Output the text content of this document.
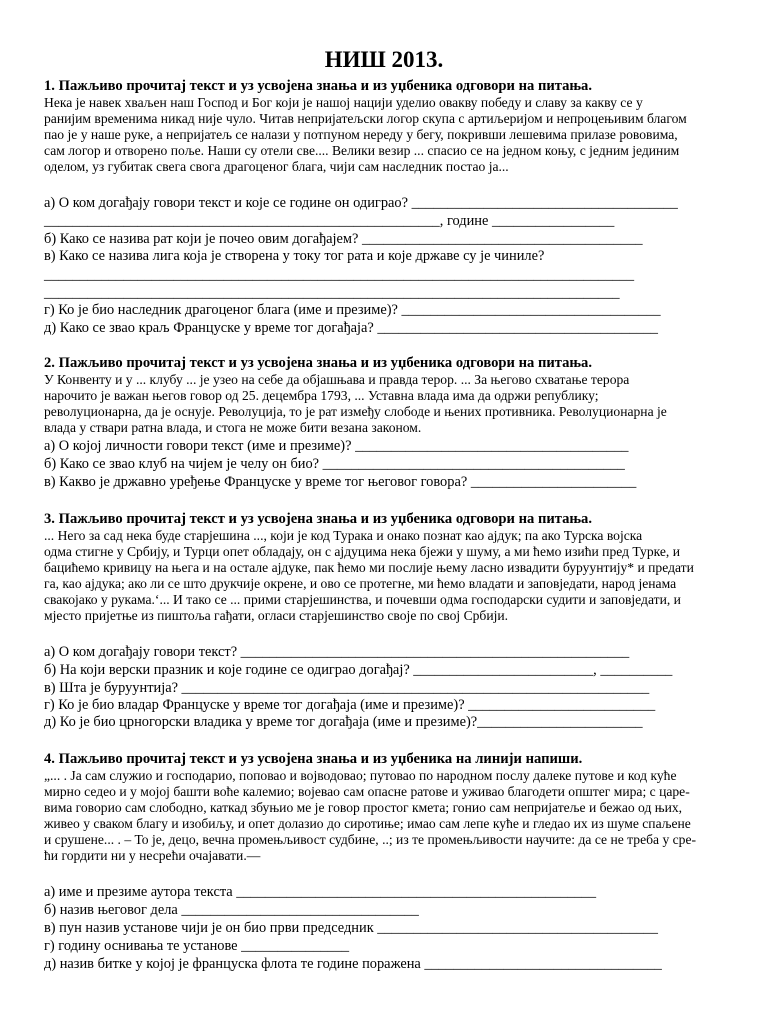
НИШ 2013.
1. Пажљиво прочитај текст и уз усвојена знања и из уџбеника одговори на питања.
Нека је навек хваљен наш Господ и Бог који је нашој нацији уделио овакву победу и славу за какву се у
ранијим временима никад није чуло. Читав непријатељски логор скупа с артиљеријом и непроцењивим благом
пао је у наше руке, а непријатељ се налази у потпуном нереду у бегу, покривши лешевима прилазе рововима,
сам логор и отворено поље. Наши су отели све.... Велики везир ... спасио се на једном коњу, с једним јединим
оделом, уз губитак свега свога драгоценог блага, чији сам наследник постао ја...
а) О ком догађају говори текст и које се године он одиграо? _____________________________________
_______________________________________________________, године _________________
б) Како се назива рат који је почео овим догађајем? _______________________________________
в) Како се назива лига која је створена у току тог рата и које државе су је чиниле?
__________________________________________________________________________________
________________________________________________________________________________
г) Ко је био наследник драгоценог блага (име и презиме)? ____________________________________
д) Како се звао краљ Француске у време тог догађаја? _______________________________________
2. Пажљиво прочитај текст и уз усвојена знања и из уџбеника одговори на питања.
У Конвенту и у ... клубу ... је узео на себе да објашњава и правда терор. ... За његово схватање терора
нарочито је важан његов говор од 25. децембра 1793, ... Уставна влада има да одржи републику;
револуционарна, да је оснује. Револуција, то је рат између слободе и њених противника. Револуционарна је
влада у ствари ратна влада, и стога не може бити везана законом.
а) О којој личности говори текст (име и презиме)? ______________________________________
б) Како се звао клуб на чијем је челу он био? __________________________________________
в) Какво је државно уређење Француске у време тог његовог говора? _______________________
3. Пажљиво прочитај текст и уз усвојена знања и из уџбеника одговори на питања.
... Него за сад нека буде старјешина ..., који је код Турака и онако познат као ајдук; па ако Турска војска
одма стигне у Србију, и Турци опет обладају, он с ајдуцима нека бјежи у шуму, а ми ћемо изићи пред Турке, и
бацићемо кривицу на њега и на остале ајдуке, пак ћемо ми послије њему ласно извадити буруунтију* и предати
га, као ајдука; ако ли се што друкчије окрене, и ово се протегне, ми ћемо владати и заповједати, народ јенама
свакојако у рукама.‘... И тако се ... прими старјешинства, и почевши одма господарски судити и заповједати, и
мјесто пријетње из пиштоља гађати, огласи старјешинство своје по свој Србији.
а) О ком догађају говори текст? ______________________________________________________
б) На који верски празник и које године се одиграо догађај? _________________________, __________
в) Шта је буруунтија? _________________________________________________________________
г) Ко је био владар Француске у време тог догађаја (име и презиме)? __________________________
д) Ко је био црногорски владика у време тог догађаја (име и презиме)?_______________________
4. Пажљиво прочитај текст и уз усвојена знања и из уџбеника на линији напиши.
„... . Ја сам служио и господарио, поповао и војводовао; путовао по народном послу далеке путове и код куће
мирно седео и у мојој башти воће калемио; војевао сам опасне ратове и уживао благодети општег мира; с царе-
вима говорио сам слободно, каткад збуњио ме је говор простог кмета; гонио сам непријатеље и бежао од њих,
живео у сваком благу и изобиљу, и опет долазио до сиротиње; имао сам лепе куће и гледао их из шуме спаљене
и срушене... . – То је, децо, вечна промењљивост судбине, ..; из те промењљивости научите: да се не треба у сре-
ћи гордити ни у несрећи очајавати.—
а) име и презиме аутора текста __________________________________________________
б) назив његовог дела _________________________________
в) пун назив установе чији је он био први председник _______________________________________
г) годину оснивања те установе _______________
д) назив битке у којој је француска флота те године поражена _________________________________
